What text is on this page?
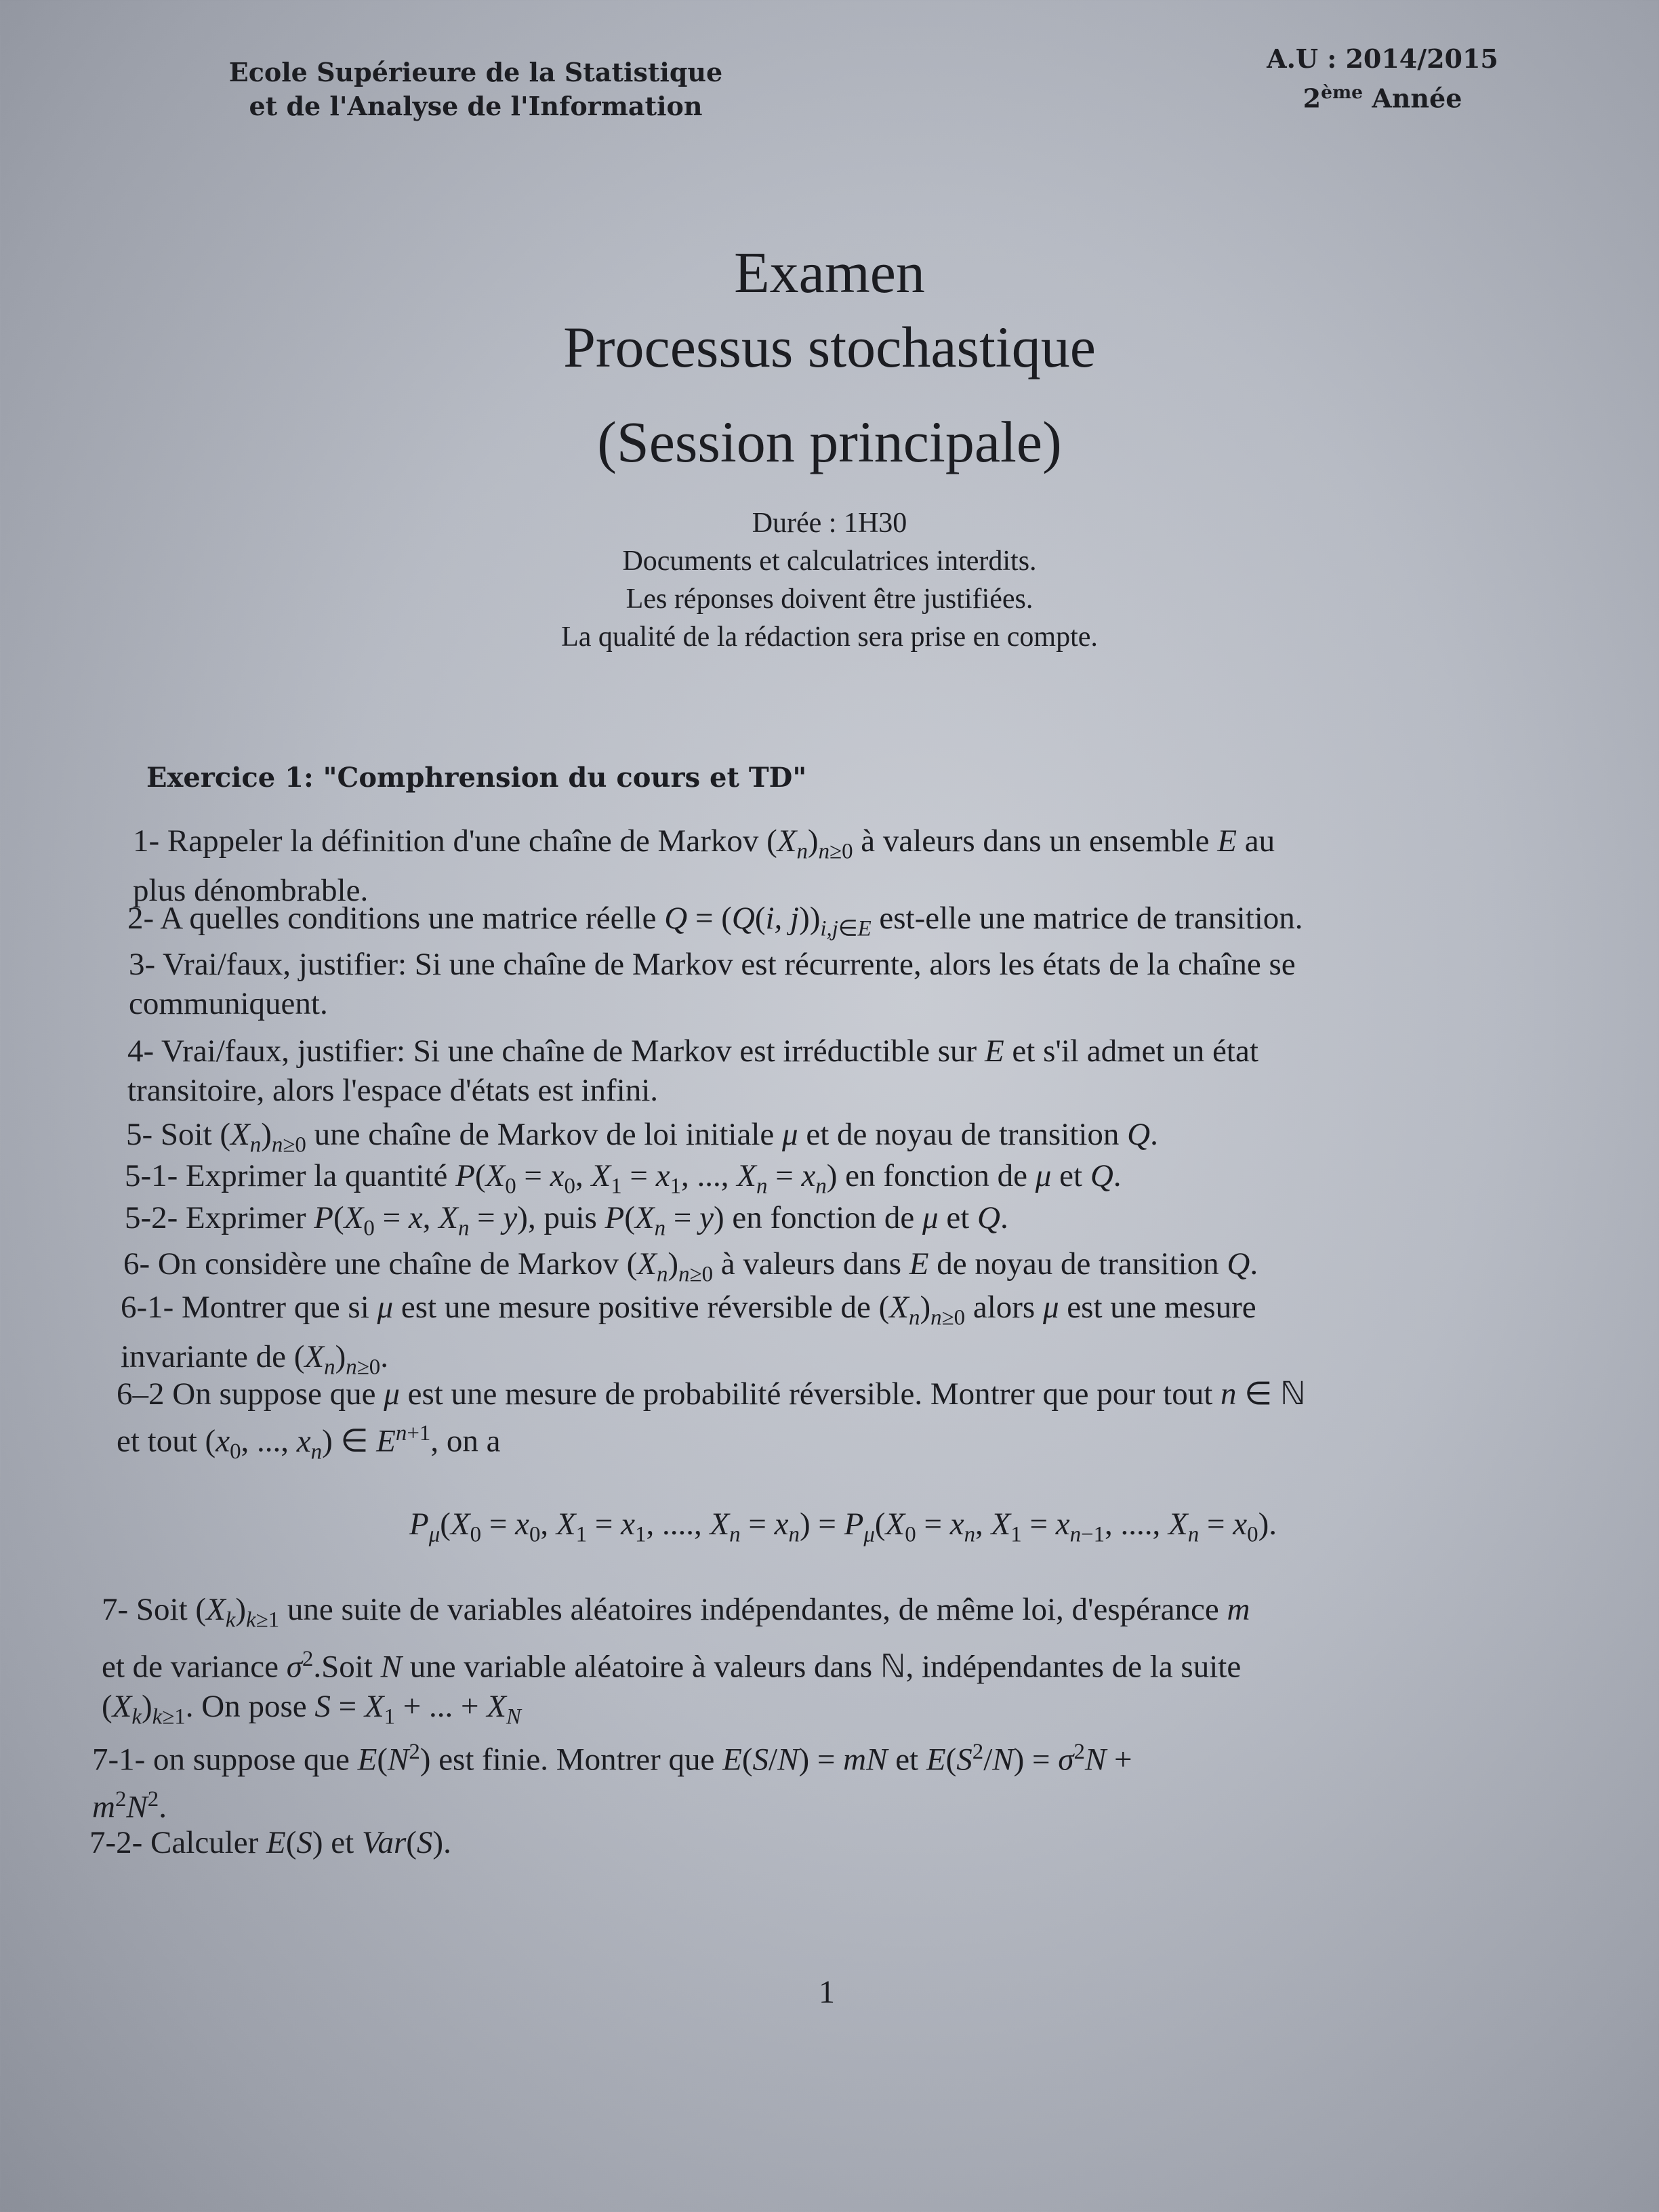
Ecole Supérieure de la Statistique
et de l'Analyse de l'Information
A.U : 2014/2015
2ème Année
Examen
Processus stochastique
(Session principale)
Durée : 1H30
Documents et calculatrices interdits.
Les réponses doivent être justifiées.
La qualité de la rédaction sera prise en compte.
Exercice 1: "Comphrension du cours et TD"
1- Rappeler la définition d'une chaîne de Markov $(X_n)_{n\ge 0}$ à valeurs dans un ensemble E au
plus dénombrable.
2- A quelles conditions une matrice réelle Q = (Q(i, $j))_{i,j\in E}$ est-elle une matrice de transition.
3- Vrai/faux, justifier: Si une chaîne de Markov est récurrente, alors les états de la chaîne se
communiquent.
4- Vrai/faux, justifier: Si une chaîne de Markov est irréductible sur E et s'il admet un état
transitoire, alors l'espace d'états est infini.
5- Soit $(X_n)_{n\ge 0}$ une chaîne de Markov de loi initiale μ et de noyau de transition Q.
5-1- Exprimer la quantité $P(X_0 = x_0$, $X_1 = x_1$, ..., $X_n = x_n$) en fonction de μ et Q.
5-2- Exprimer $P(X_0 = x$, $X_n = y$), puis $P(X_n = y)$ en fonction de μ et Q.
6- On considère une chaîne de Markov $(X_n)_{n\ge 0}$ à valeurs dans E de noyau de transition Q.
6-1- Montrer que si μ est une mesure positive réversible de $(X_n)_{n\ge 0}$ alors μ est une mesure
invariante de $(X_n)_{n\ge 0}$.
6–2 On suppose que μ est une mesure de probabilité réversible. Montrer que pour tout n ∈ ℕ
et tout ($x_0$, ..., $x_n$) ∈ $E^{n+1}$, on a
$P_\mu(X_0 = x_0$, $X_1 = x_1$, ...., $X_n = x_n) = P_\mu(X_0 = x_n$, $X_1 = x_{n-1}$, ...., $X_n = x_0$).
7- Soit $(X_k)_{k\ge 1}$ une suite de variables aléatoires indépendantes, de même loi, d'espérance m
et de variance $\sigma^2.Soit$ N une variable aléatoire à valeurs dans ℕ, indépendantes de la suite
$(X_k)_{k\ge 1}$. On pose $S = X_1$ + ... + $X_N$
7-1- on suppose que $E(N^2)$ est finie. Montrer que E(S/N) = mN et $E(S^2/N) = \sigma^2N$ +
$m^2N^2$.
7-2- Calculer E(S) et Var(S).
1
